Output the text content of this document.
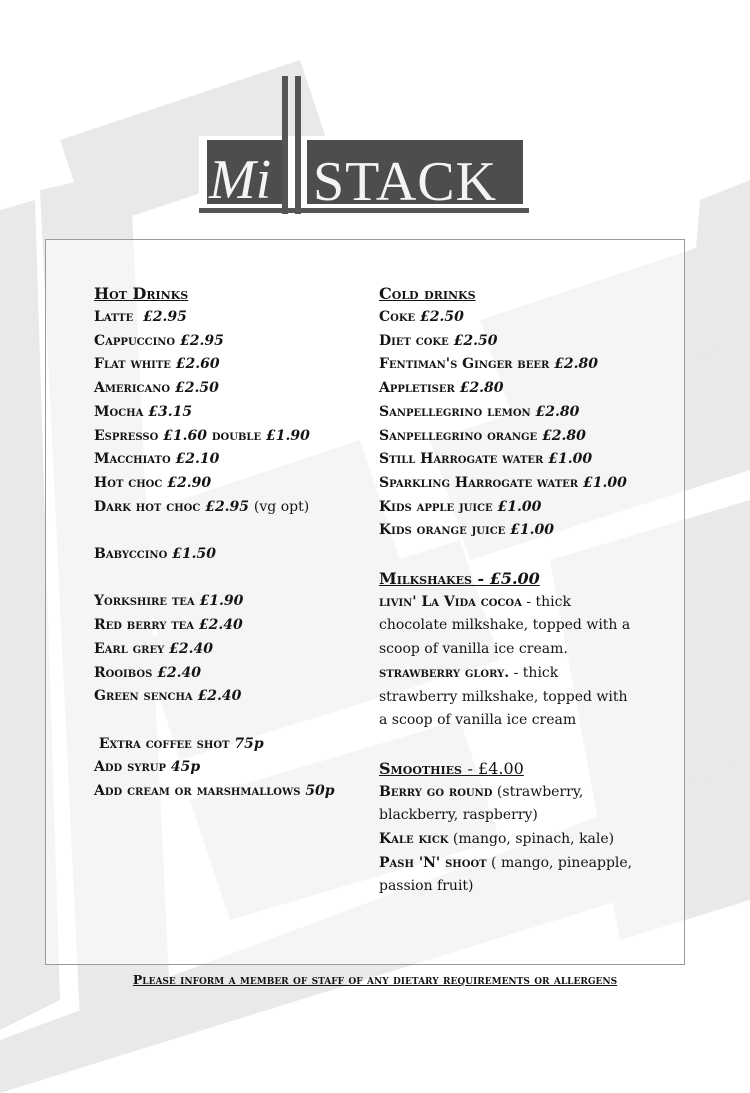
Mi STACK

Hot Drinks

Latte £2.95

Cappuccino £2.95

Flat white £2.60

Americano £2.50

Mocha £3.15

Espresso £1.60 double £1.90

Macchiato £2.10

Hot choc £2.90

Dark hot choc £2.95 (vg opt)

Babyccino £1.50

Yorkshire tea £1.90

Red berry tea £2.40

Earl grey £2.40

Rooibos £2.40

Green sencha £2.40

Extra coffee shot 75p

Add syrup 45p

Add cream or marshmallows 50p

Cold drinks

Coke £2.50

Diet coke £2.50

Fentiman's Ginger beer £2.80

Appletiser £2.80

Sanpellegrino lemon £2.80

Sanpellegrino orange £2.80

Still Harrogate water £1.00

Sparkling Harrogate water £1.00

Kids apple juice £1.00

Kids orange juice £1.00

Milkshakes - £5.00

livin' La Vida cocoa - thick

chocolate milkshake, topped with a

scoop of vanilla ice cream.

strawberry glory. - thick

strawberry milkshake, topped with

a scoop of vanilla ice cream

Smoothies - £4.00

Berry go round (strawberry,

blackberry, raspberry)

Kale kick (mango, spinach, kale)

Pash 'N' shoot ( mango, pineapple,

passion fruit)

Please inform a member of staff of any dietary requirements or allergens
